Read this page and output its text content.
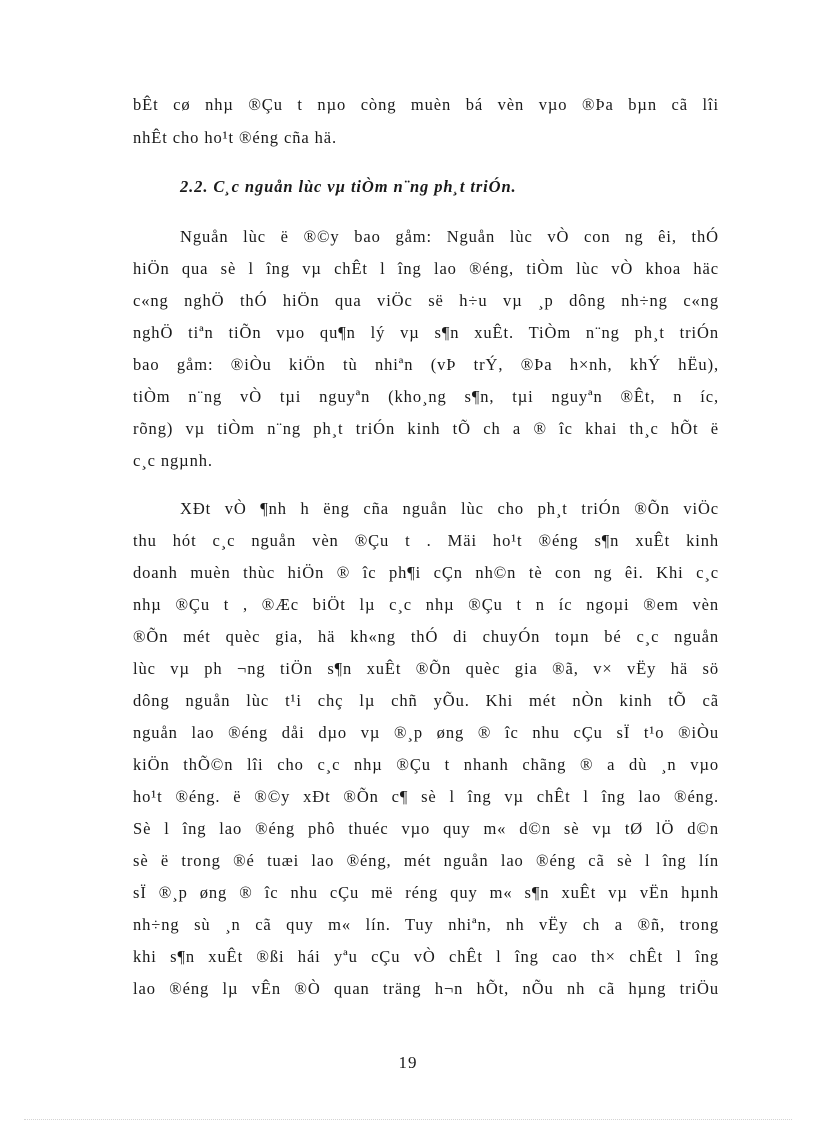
bÊt cø nhµ ®Çu t nµo còng muèn bá vèn vµo ®Þa bµn cã lîi
nhÊt cho ho¹t ®éng cña hä.
2.2. C¸c nguån lùc vµ tiÒm n¨ng ph¸t triÓn.
Nguån lùc ë ®©y bao gåm: Nguån lùc vÒ con ng êi, thÓ
hiÖn qua sè l îng vµ chÊt l îng lao ®éng, tiÒm lùc vÒ khoa häc
c«ng nghÖ thÓ hiÖn qua viÖc së h÷u vµ ¸p dông nh÷ng c«ng
nghÖ tiªn tiÕn vµo qu¶n lý vµ s¶n xuÊt. TiÒm n¨ng ph¸t triÓn
bao gåm: ®iÒu kiÖn tù nhiªn (vÞ trÝ, ®Þa h×nh, khÝ hËu),
tiÒm n¨ng vÒ tµi nguyªn (kho¸ng s¶n, tµi nguyªn ®Êt, n íc,
rõng) vµ tiÒm n¨ng ph¸t triÓn kinh tÕ ch a ® îc khai th¸c hÕt ë
c¸c ngµnh.
XÐt vÒ ¶nh h ëng cña nguån lùc cho ph¸t triÓn ®Õn viÖc
thu hót c¸c nguån vèn ®Çu t . Mäi ho¹t ®éng s¶n xuÊt kinh
doanh muèn thùc hiÖn ® îc ph¶i cÇn nh©n tè con ng êi. Khi c¸c
nhµ ®Çu t , ®Æc biÖt lµ c¸c nhµ ®Çu t n íc ngoµi ®em vèn
®Õn mét quèc gia, hä kh«ng thÓ di chuyÓn toµn bé c¸c nguån
lùc vµ ph ¬ng tiÖn s¶n xuÊt ®Õn quèc gia ®ã, v× vËy hä sö
dông nguån lùc t¹i chç lµ chñ yÕu. Khi mét nÒn kinh tÕ cã
nguån lao ®éng dåi dµo vµ ®¸p øng ® îc nhu cÇu sÏ t¹o ®iÒu
kiÖn thÕ©n lîi cho c¸c nhµ ®Çu t nhanh chãng ® a dù ¸n vµo
ho¹t ®éng. ë ®©y xÐt ®Õn c¶ sè l îng vµ chÊt l îng lao ®éng.
Sè l îng lao ®éng phô thuéc vµo quy m« d©n sè vµ tØ lÖ d©n
sè ë trong ®é tuæi lao ®éng, mét nguån lao ®éng cã sè l îng lín
sÏ ®¸p øng ® îc nhu cÇu më réng quy m« s¶n xuÊt vµ vËn hµnh
nh÷ng sù ¸n cã quy m« lín. Tuy nhiªn, nh vËy ch a ®ñ, trong
khi s¶n xuÊt ®ßi hái yªu cÇu vÒ chÊt l îng cao th× chÊt l îng
lao ®éng lµ vÊn ®Ò quan träng h¬n hÕt, nÕu nh cã hµng triÖu
19
